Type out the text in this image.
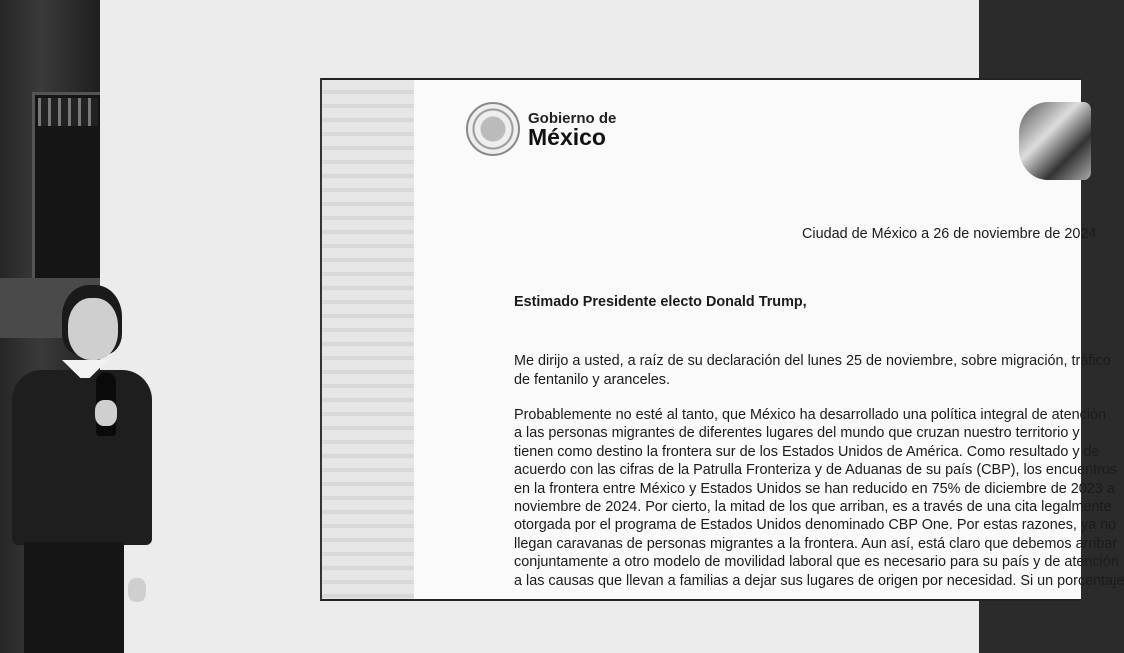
Gobierno de
México
Ciudad de México a 26 de noviembre de 2024
Estimado Presidente electo Donald Trump,
Me dirijo a usted, a raíz de su declaración del lunes 25 de noviembre, sobre migración, tráfico
de fentanilo y aranceles.
Probablemente no esté al tanto, que México ha desarrollado una política integral de atención
a las personas migrantes de diferentes lugares del mundo que cruzan nuestro territorio y
tienen como destino la frontera sur de los Estados Unidos de América. Como resultado y de
acuerdo con las cifras de la Patrulla Fronteriza y de Aduanas de su país (CBP), los encuentros
en la frontera entre México y Estados Unidos se han reducido en 75% de diciembre de 2023 a
noviembre de 2024. Por cierto, la mitad de los que arriban, es a través de una cita legalmente
otorgada por el programa de Estados Unidos denominado CBP One. Por estas razones, ya no
llegan caravanas de personas migrantes a la frontera. Aun así, está claro que debemos arribar
conjuntamente a otro modelo de movilidad laboral que es necesario para su país y de atención
a las causas que llevan a familias a dejar sus lugares de origen por necesidad. Si un porcentaje
